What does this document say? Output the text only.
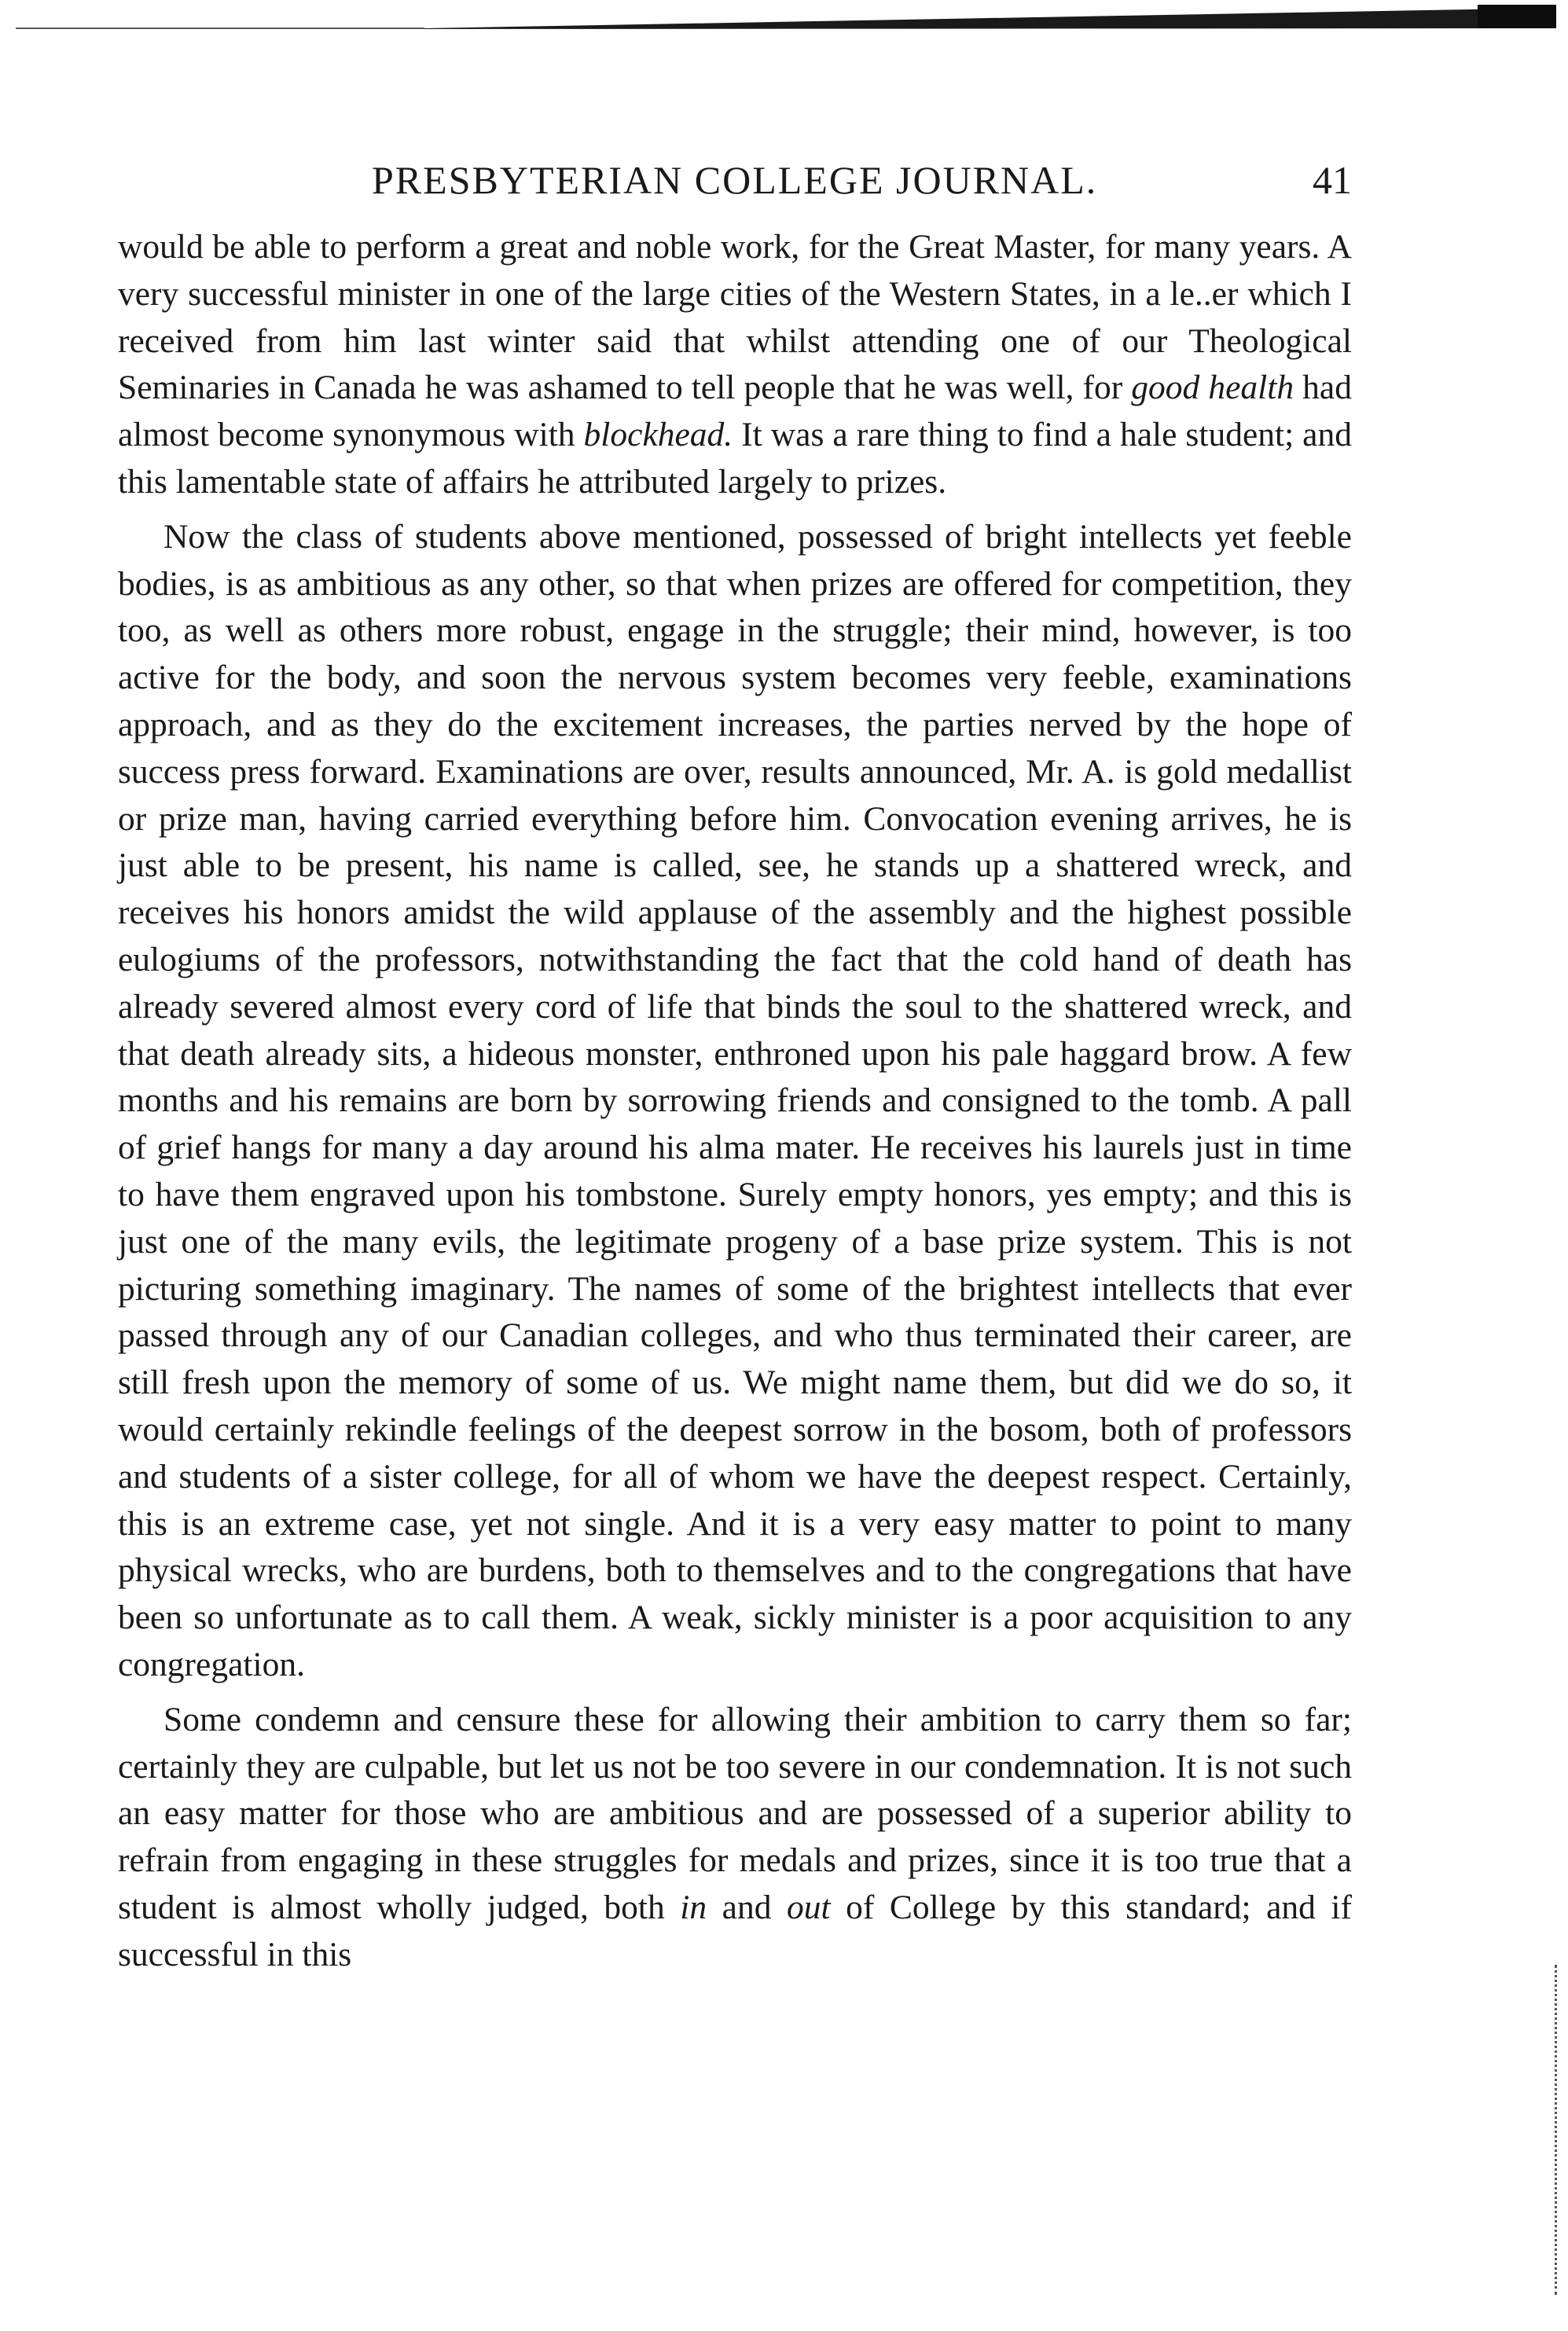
PRESBYTERIAN COLLEGE JOURNAL.	41

would be able to perform a great and noble work, for the Great Master, for many years. A very successful minister in one of the large cities of the Western States, in a le..er which I received from him last winter said that whilst attending one of our Theological Seminaries in Canada he was ashamed to tell people that he was well, for good health had almost become synonymous with blockhead. It was a rare thing to find a hale student; and this lamentable state of affairs he attributed largely to prizes.

Now the class of students above mentioned, possessed of bright intellects yet feeble bodies, is as ambitious as any other, so that when prizes are offered for competition, they too, as well as others more robust, engage in the struggle; their mind, however, is too active for the body, and soon the nervous system becomes very feeble, examinations approach, and as they do the excitement increases, the parties nerved by the hope of success press forward. Examinations are over, results announced, Mr. A. is gold medallist or prize man, having carried everything before him. Convocation evening arrives, he is just able to be present, his name is called, see, he stands up a shattered wreck, and receives his honors amidst the wild applause of the assembly and the highest possible eulogiums of the professors, notwithstanding the fact that the cold hand of death has already severed almost every cord of life that binds the soul to the shattered wreck, and that death already sits, a hideous monster, enthroned upon his pale haggard brow. A few months and his remains are born by sorrowing friends and consigned to the tomb. A pall of grief hangs for many a day around his alma mater. He receives his laurels just in time to have them engraved upon his tombstone. Surely empty honors, yes empty; and this is just one of the many evils, the legitimate progeny of a base prize system. This is not picturing something imaginary. The names of some of the brightest intellects that ever passed through any of our Canadian colleges, and who thus terminated their career, are still fresh upon the memory of some of us. We might name them, but did we do so, it would certainly rekindle feelings of the deepest sorrow in the bosom, both of professors and students of a sister college, for all of whom we have the deepest respect. Certainly, this is an extreme case, yet not single. And it is a very easy matter to point to many physical wrecks, who are burdens, both to themselves and to the congregations that have been so unfortunate as to call them. A weak, sickly minister is a poor acquisition to any congregation.

Some condemn and censure these for allowing their ambition to carry them so far; certainly they are culpable, but let us not be too severe in our condemnation. It is not such an easy matter for those who are ambitious and are possessed of a superior ability to refrain from engaging in these struggles for medals and prizes, since it is too true that a student is almost wholly judged, both in and out of College by this standard; and if successful in this
